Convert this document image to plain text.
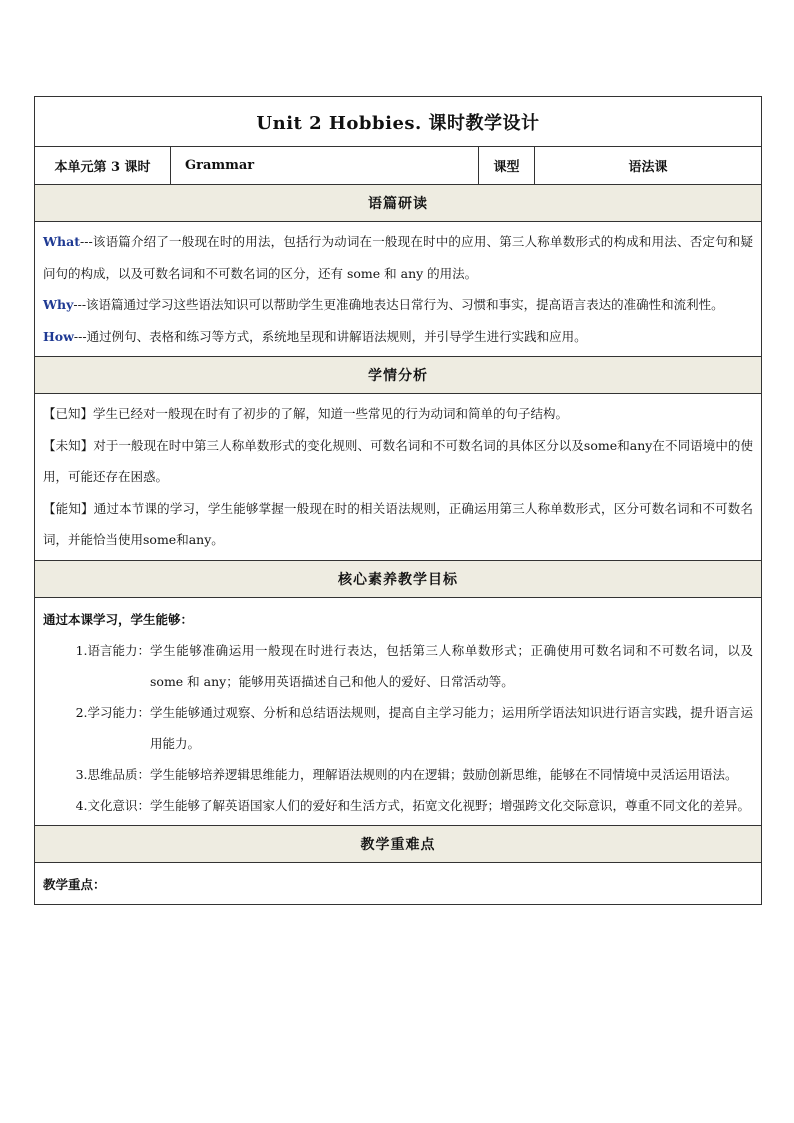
Unit 2 Hobbies. 课时教学设计
本单元第 3 课时	Grammar	课型	语法课
语篇研读

What---该语篇介绍了一般现在时的用法，包括行为动词在一般现在时中的应用、第三人称单数形式的构成和用法、否定句和疑问句的构成，以及可数名词和不可数名词的区分，还有 some 和 any 的用法。

Why---该语篇通过学习这些语法知识可以帮助学生更准确地表达日常行为、习惯和事实，提高语言表达的准确性和流利性。

How---通过例句、表格和练习等方式，系统地呈现和讲解语法规则，并引导学生进行实践和应用。

学情分析

【已知】学生已经对一般现在时有了初步的了解，知道一些常见的行为动词和简单的句子结构。

【未知】对于一般现在时中第三人称单数形式的变化规则、可数名词和不可数名词的具体区分以及some和any在不同语境中的使用，可能还存在困惑。

【能知】通过本节课的学习，学生能够掌握一般现在时的相关语法规则，正确运用第三人称单数形式，区分可数名词和不可数名词，并能恰当使用some和any。

核心素养教学目标

通过本课学习，学生能够：

1.语言能力： 学生能够准确运用一般现在时进行表达，包括第三人称单数形式；正确使用可数名词和不可数名词，以及 some 和 any；能够用英语描述自己和他人的爱好、日常活动等。
2.学习能力： 学生能够通过观察、分析和总结语法规则，提高自主学习能力；运用所学语法知识进行语言实践，提升语言运用能力。
3.思维品质： 学生能够培养逻辑思维能力，理解语法规则的内在逻辑；鼓励创新思维，能够在不同情境中灵活运用语法。
4.文化意识： 学生能够了解英语国家人们的爱好和生活方式，拓宽文化视野；增强跨文化交际意识，尊重不同文化的差异。
教学重难点

教学重点：
